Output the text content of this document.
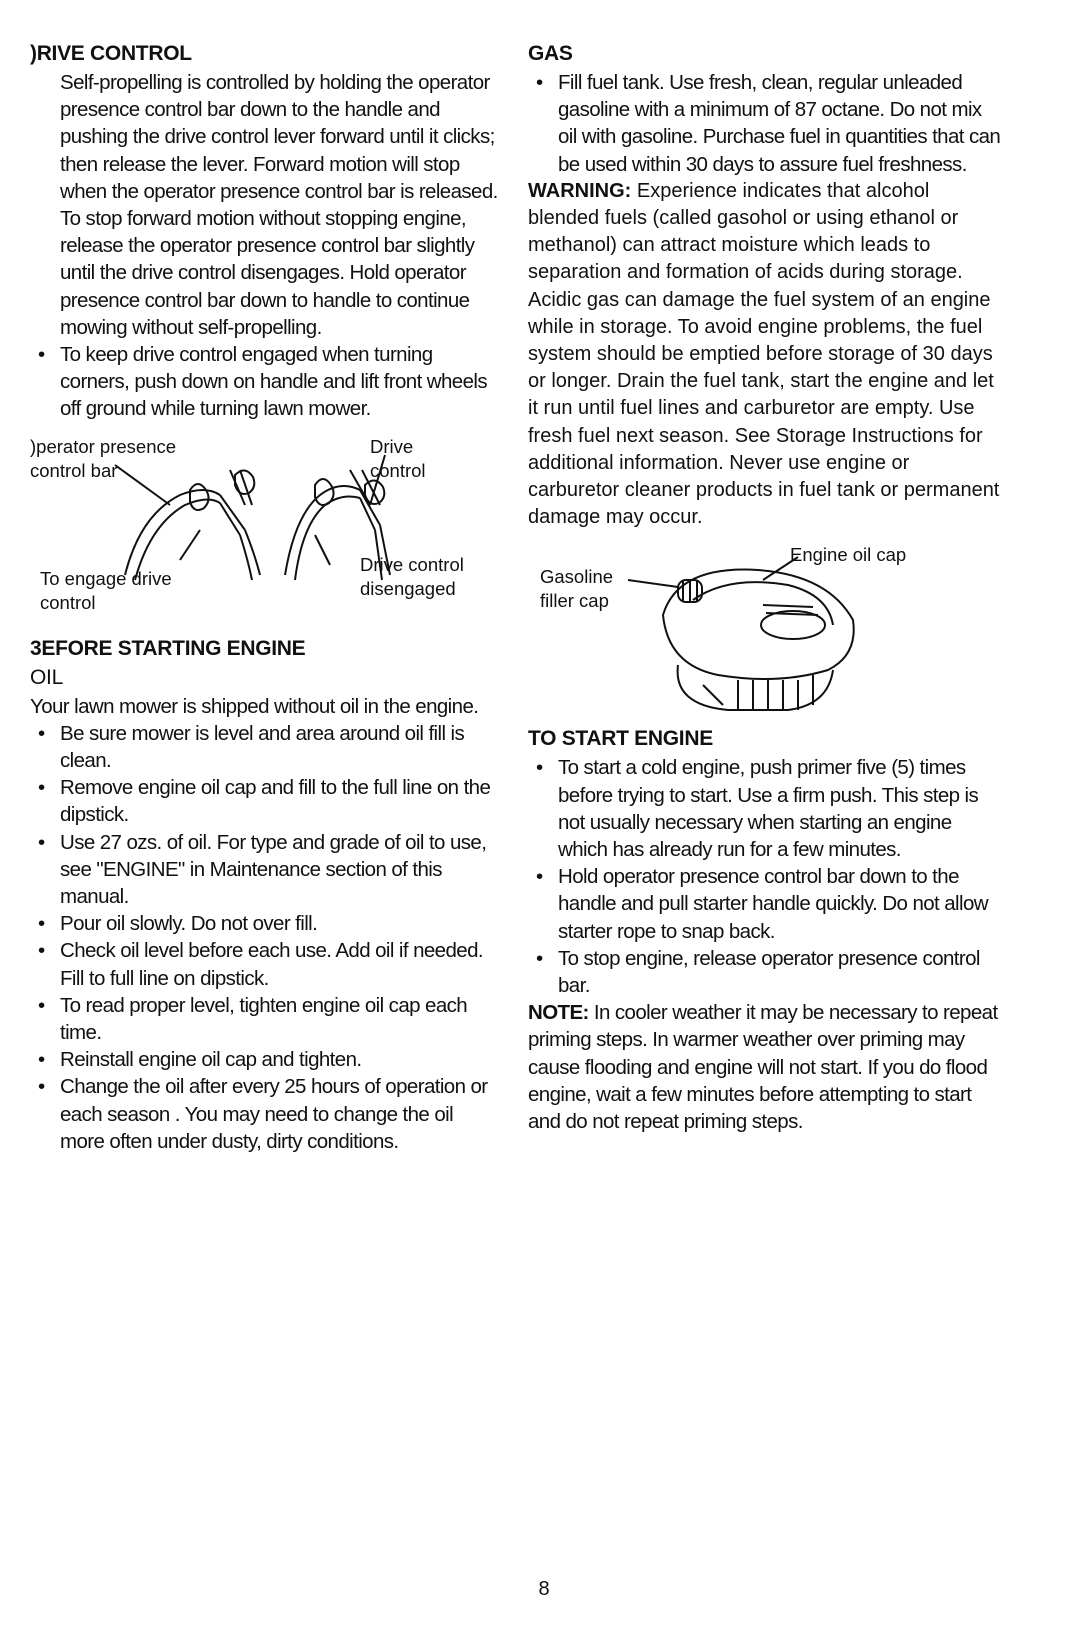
)RIVE CONTROL

Self-propelling is controlled by holding the operator presence control bar down to the handle and pushing the drive control lever forward until it clicks; then release the lever. Forward motion will stop when the operator presence control bar is released. To stop forward motion without stopping engine, release the operator presence control bar slightly until the drive control disengages. Hold operator presence control bar down to handle to continue mowing without self-propelling.

• To keep drive control engaged when turning corners, push down on handle and lift front wheels off ground while turning lawn mower.
)perator presence control bar
Drive control
To engage drive control
Drive control disengaged
3EFORE STARTING ENGINE
OIL

Your lawn mower is shipped without oil in the engine.

• Be sure mower is level and area around oil fill is clean.
• Remove engine oil cap and fill to the full line on the dipstick.
• Use 27 ozs. of oil. For type and grade of oil to use, see "ENGINE" in Maintenance section of this manual.
• Pour oil slowly. Do not over fill.
• Check oil level before each use. Add oil if needed. Fill to full line on dipstick.
• To read proper level, tighten engine oil cap each time.
• Reinstall engine oil cap and tighten.
• Change the oil after every 25 hours of operation or each season . You may need to change the oil more often under dusty, dirty conditions.
GAS
• Fill fuel tank. Use fresh, clean, regular unleaded gasoline with a minimum of 87 octane. Do not mix oil with gasoline. Purchase fuel in quantities that can be used within 30 days to assure fuel freshness.

WARNING: Experience indicates that alcohol blended fuels (called gasohol or using ethanol or methanol) can attract moisture which leads to separation and formation of acids during storage. Acidic gas can damage the fuel system of an engine while in storage. To avoid engine problems, the fuel system should be emptied before storage of 30 days or longer. Drain the fuel tank, start the engine and let it run until fuel lines and carburetor are empty. Use fresh fuel next season. See Storage Instructions for additional information. Never use engine or carburetor cleaner products in fuel tank or permanent damage may occur.

Engine oil cap
Gasoline filler cap
TO START ENGINE
• To start a cold engine, push primer five (5) times before trying to start. Use a firm push. This step is not usually necessary when starting an engine which has already run for a few minutes.
• Hold operator presence control bar down to the handle and pull starter handle quickly. Do not allow starter rope to snap back.
• To stop engine, release operator presence control bar.

NOTE: In cooler weather it may be necessary to repeat priming steps. In warmer weather over priming may cause flooding and engine will not start. If you do flood engine, wait a few minutes before attempting to start and do not repeat priming steps.

8
